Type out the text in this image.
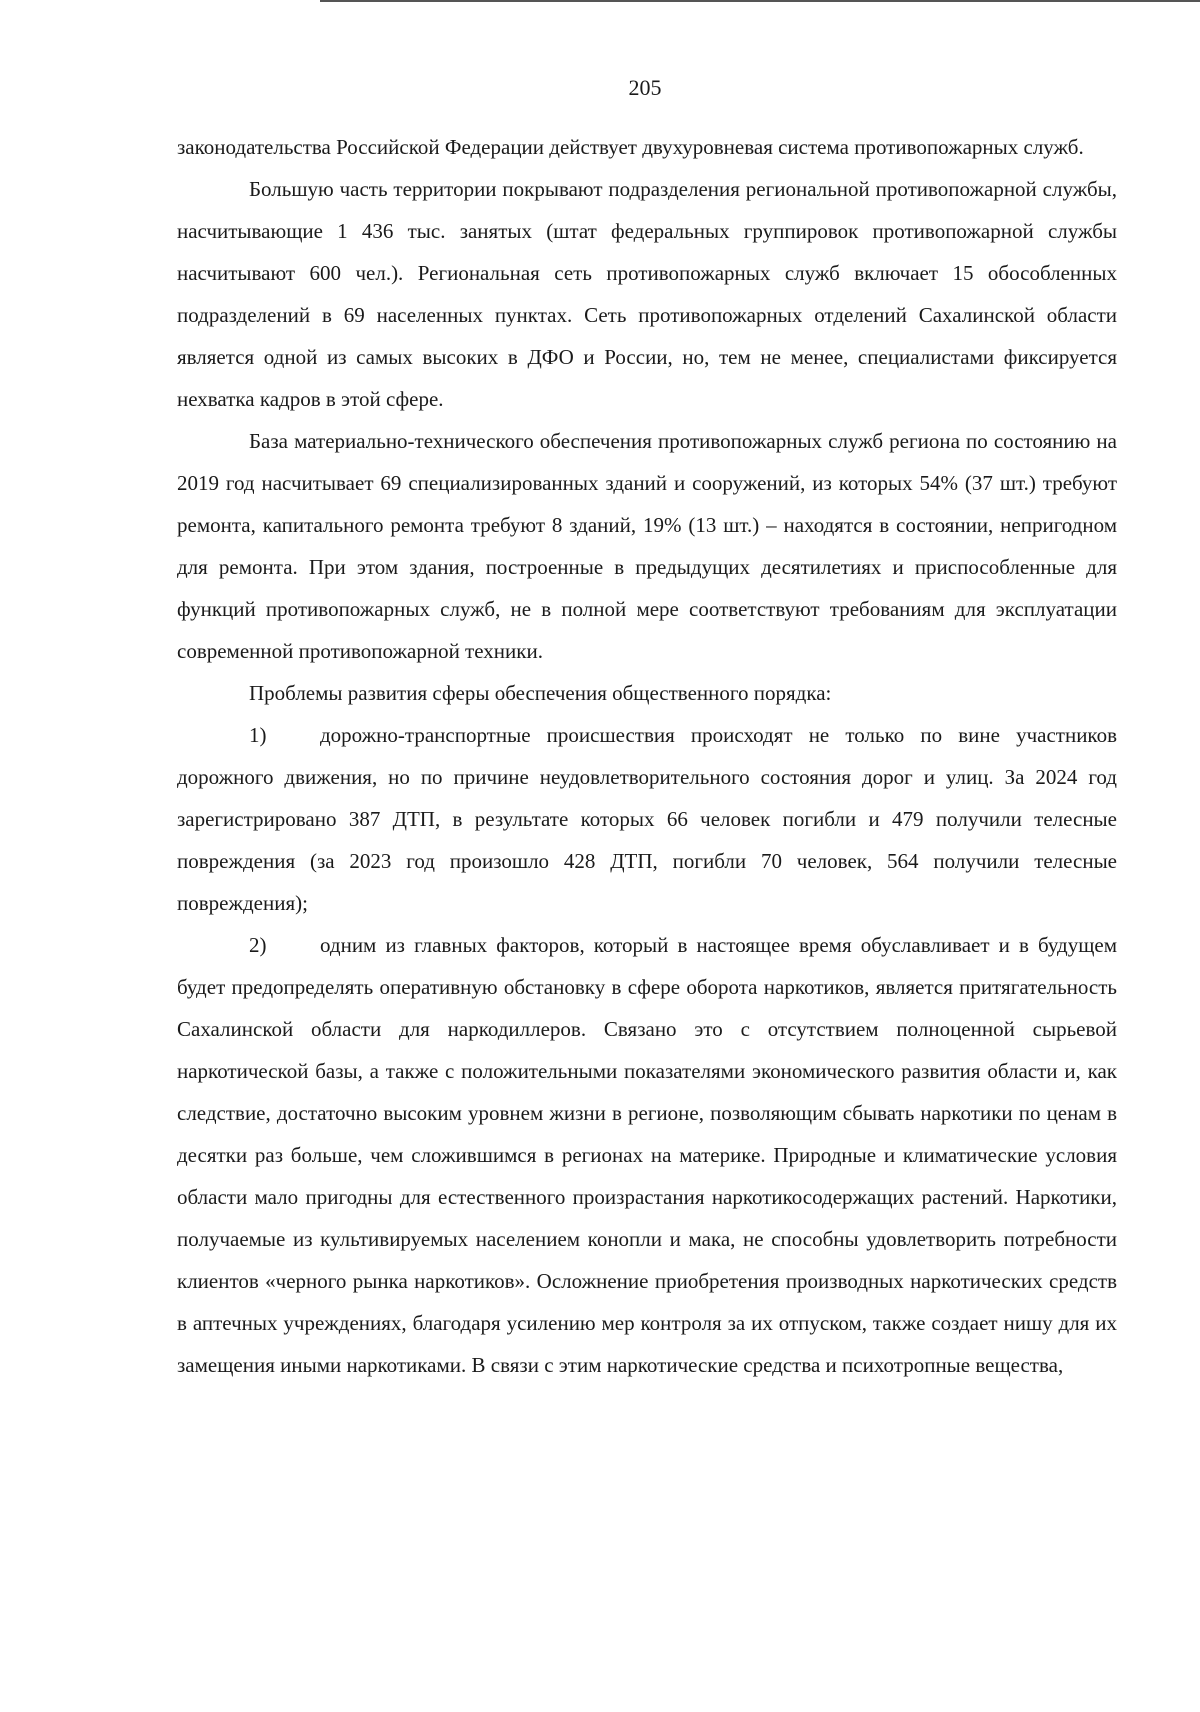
205

законодательства Российской Федерации действует двухуровневая система противопожарных служб.

Большую часть территории покрывают подразделения региональной противопожарной службы, насчитывающие 1 436 тыс. занятых (штат федеральных группировок противопожарной службы насчитывают 600 чел.). Региональная сеть противопожарных служб включает 15 обособленных подразделений в 69 населенных пунктах. Сеть противопожарных отделений Сахалинской области является одной из самых высоких в ДФО и России, но, тем не менее, специалистами фиксируется нехватка кадров в этой сфере.

База материально-технического обеспечения противопожарных служб региона по состоянию на 2019 год насчитывает 69 специализированных зданий и сооружений, из которых 54% (37 шт.) требуют ремонта, капитального ремонта требуют 8 зданий, 19% (13 шт.) – находятся в состоянии, непригодном для ремонта. При этом здания, построенные в предыдущих десятилетиях и приспособленные для функций противопожарных служб, не в полной мере соответствуют требованиям для эксплуатации современной противопожарной техники.

Проблемы развития сферы обеспечения общественного порядка:

1)	дорожно-транспортные происшествия происходят не только по вине участников дорожного движения, но по причине неудовлетворительного состояния дорог и улиц. За 2024 год зарегистрировано 387 ДТП, в результате которых 66 человек погибли и 479 получили телесные повреждения (за 2023 год произошло 428 ДТП, погибли 70 человек, 564 получили телесные повреждения);

2)	одним из главных факторов, который в настоящее время обуславливает и в будущем будет предопределять оперативную обстановку в сфере оборота наркотиков, является притягательность Сахалинской области для наркодиллеров. Связано это с отсутствием полноценной сырьевой наркотической базы, а также с положительными показателями экономического развития области и, как следствие, достаточно высоким уровнем жизни в регионе, позволяющим сбывать наркотики по ценам в десятки раз больше, чем сложившимся в регионах на материке. Природные и климатические условия области мало пригодны для естественного произрастания наркотикосодержащих растений. Наркотики, получаемые из культивируемых населением конопли и мака, не способны удовлетворить потребности клиентов «черного рынка наркотиков». Осложнение приобретения производных наркотических средств в аптечных учреждениях, благодаря усилению мер контроля за их отпуском, также создает нишу для их замещения иными наркотиками. В связи с этим наркотические средства и психотропные вещества,
